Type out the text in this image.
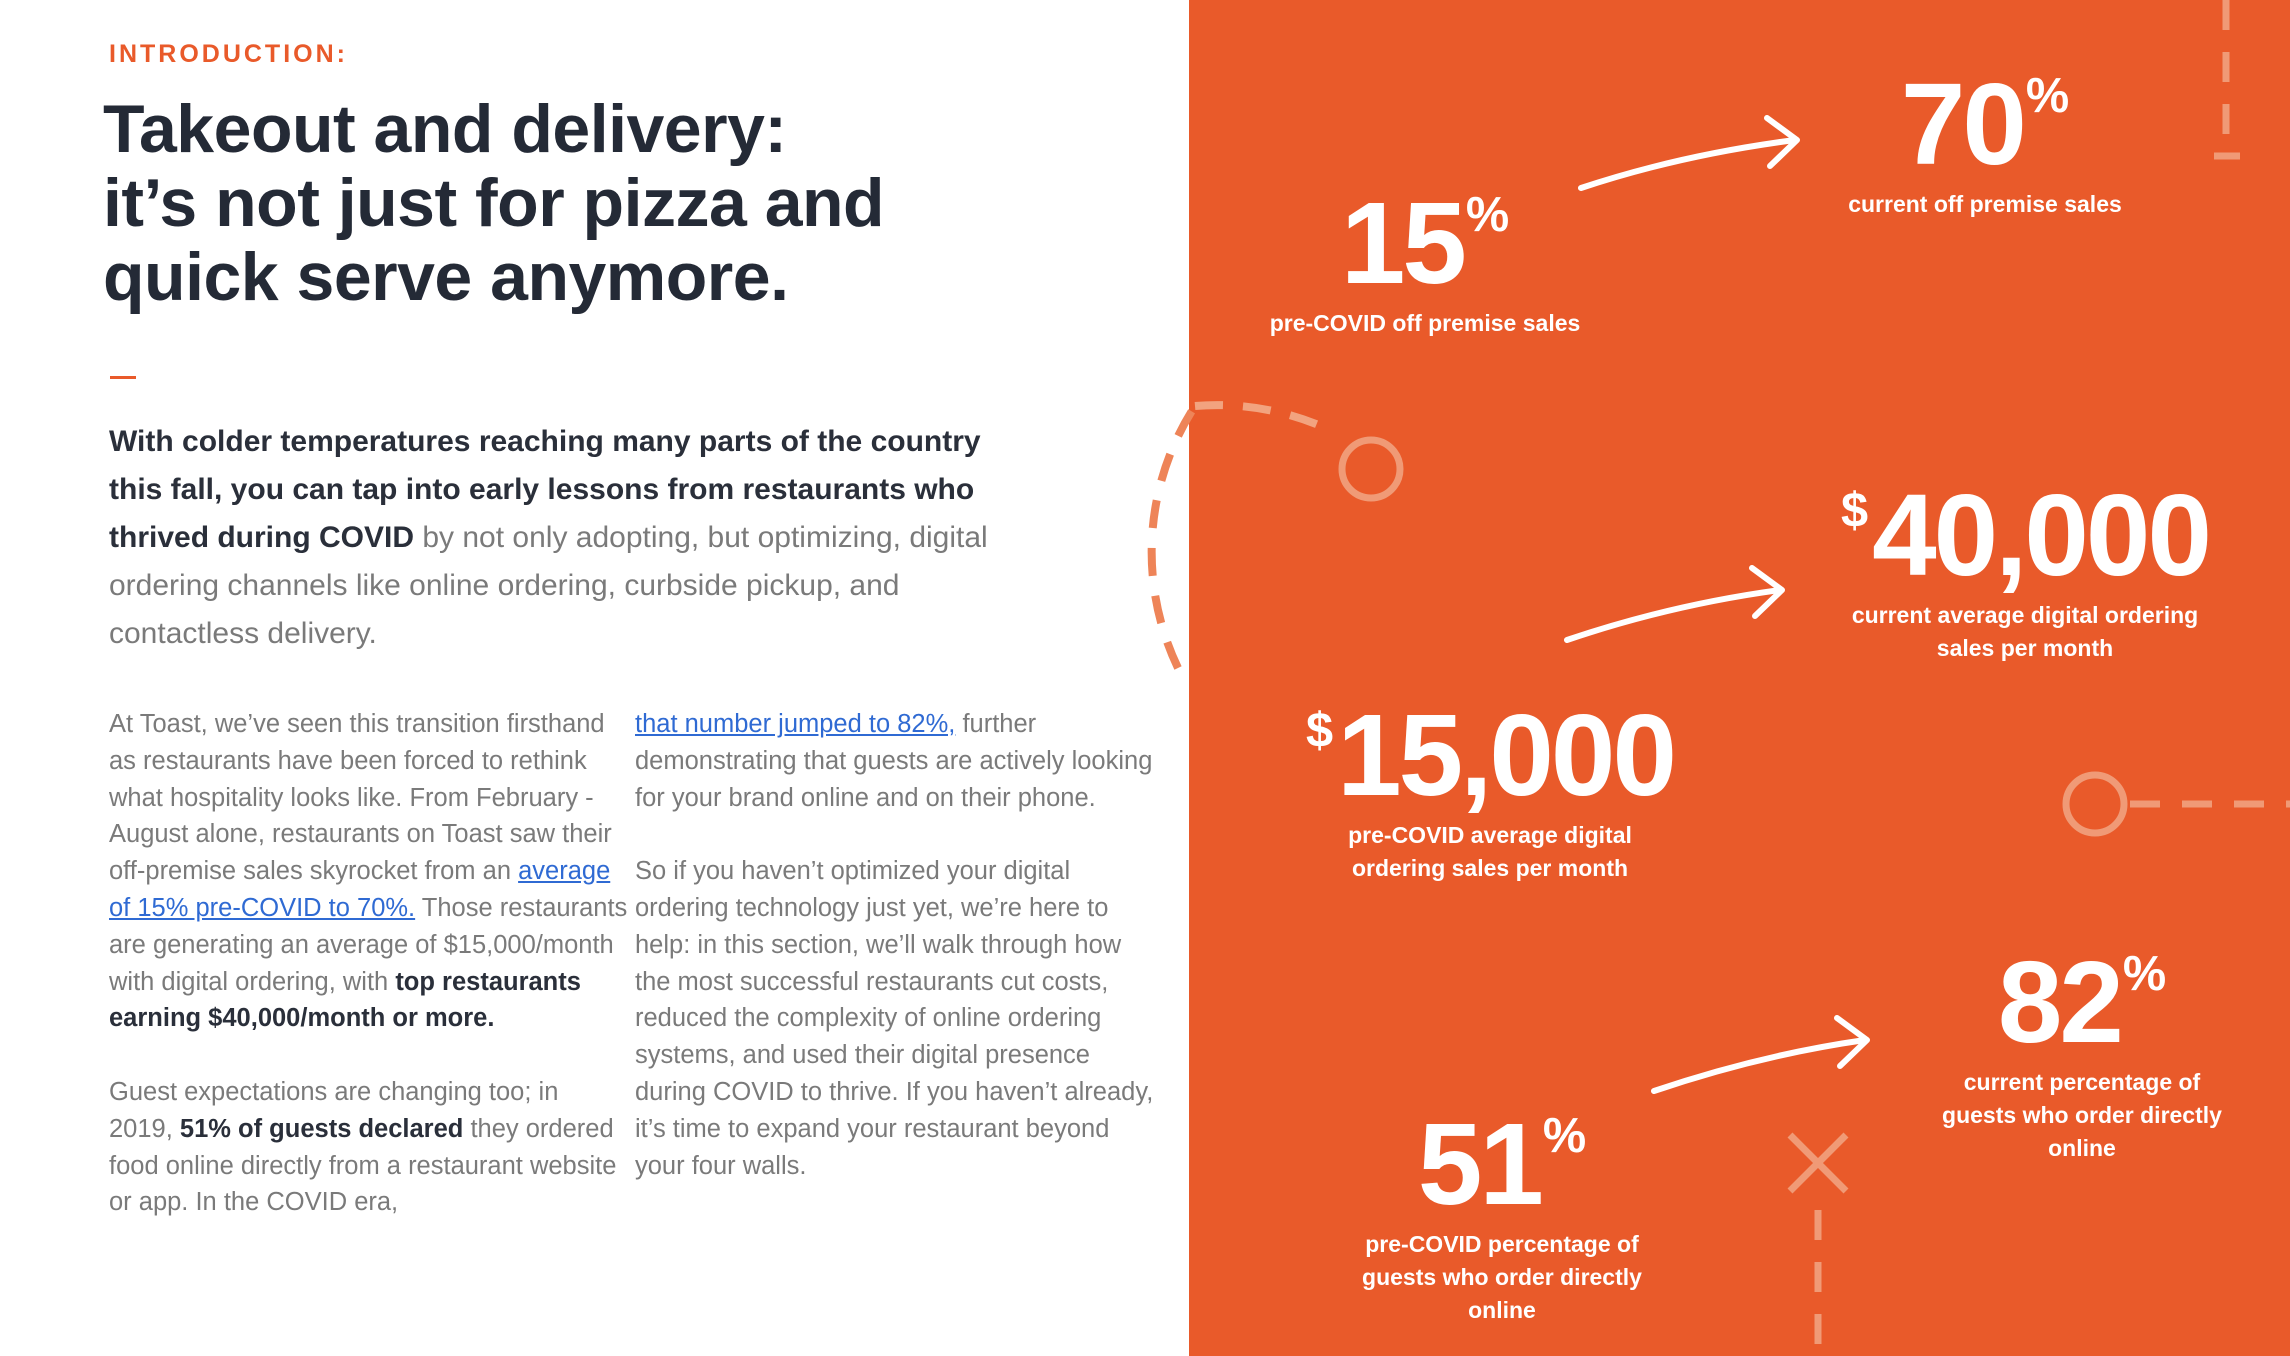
INTRODUCTION:
Takeout and delivery:
it’s not just for pizza and
quick serve anymore.
With colder temperatures reaching many parts of the country this fall, you can tap into early lessons from restaurants who thrived during COVID by not only adopting, but optimizing, digital ordering channels like online ordering, curbside pickup, and contactless delivery.

At Toast, we’ve seen this transition firsthand as restaurants have been forced to rethink what hospitality looks like. From February - August alone, restaurants on Toast saw their off-premise sales skyrocket from an average of 15% pre-COVID to 70%. Those restaurants are generating an average of $15,000/month with digital ordering, with top restaurants earning $40,000/month or more.

Guest expectations are changing too; in 2019, 51% of guests declared they ordered food online directly from a restaurant website or app. In the COVID era,

that number jumped to 82%, further demonstrating that guests are actively looking for your brand online and on their phone.

So if you haven’t optimized your digital ordering technology just yet, we’re here to help: in this section, we’ll walk through how the most successful restaurants cut costs, reduced the complexity of online ordering systems, and used their digital presence during COVID to thrive. If you haven’t already, it’s time to expand your restaurant beyond your four walls.

15%
pre-COVID off premise sales
70%
current off premise sales
$40,000
current average digital ordering
sales per month
$15,000
pre-COVID average digital
ordering sales per month
82%
current percentage of
guests who order directly
online
51%
pre-COVID percentage of
guests who order directly
online
